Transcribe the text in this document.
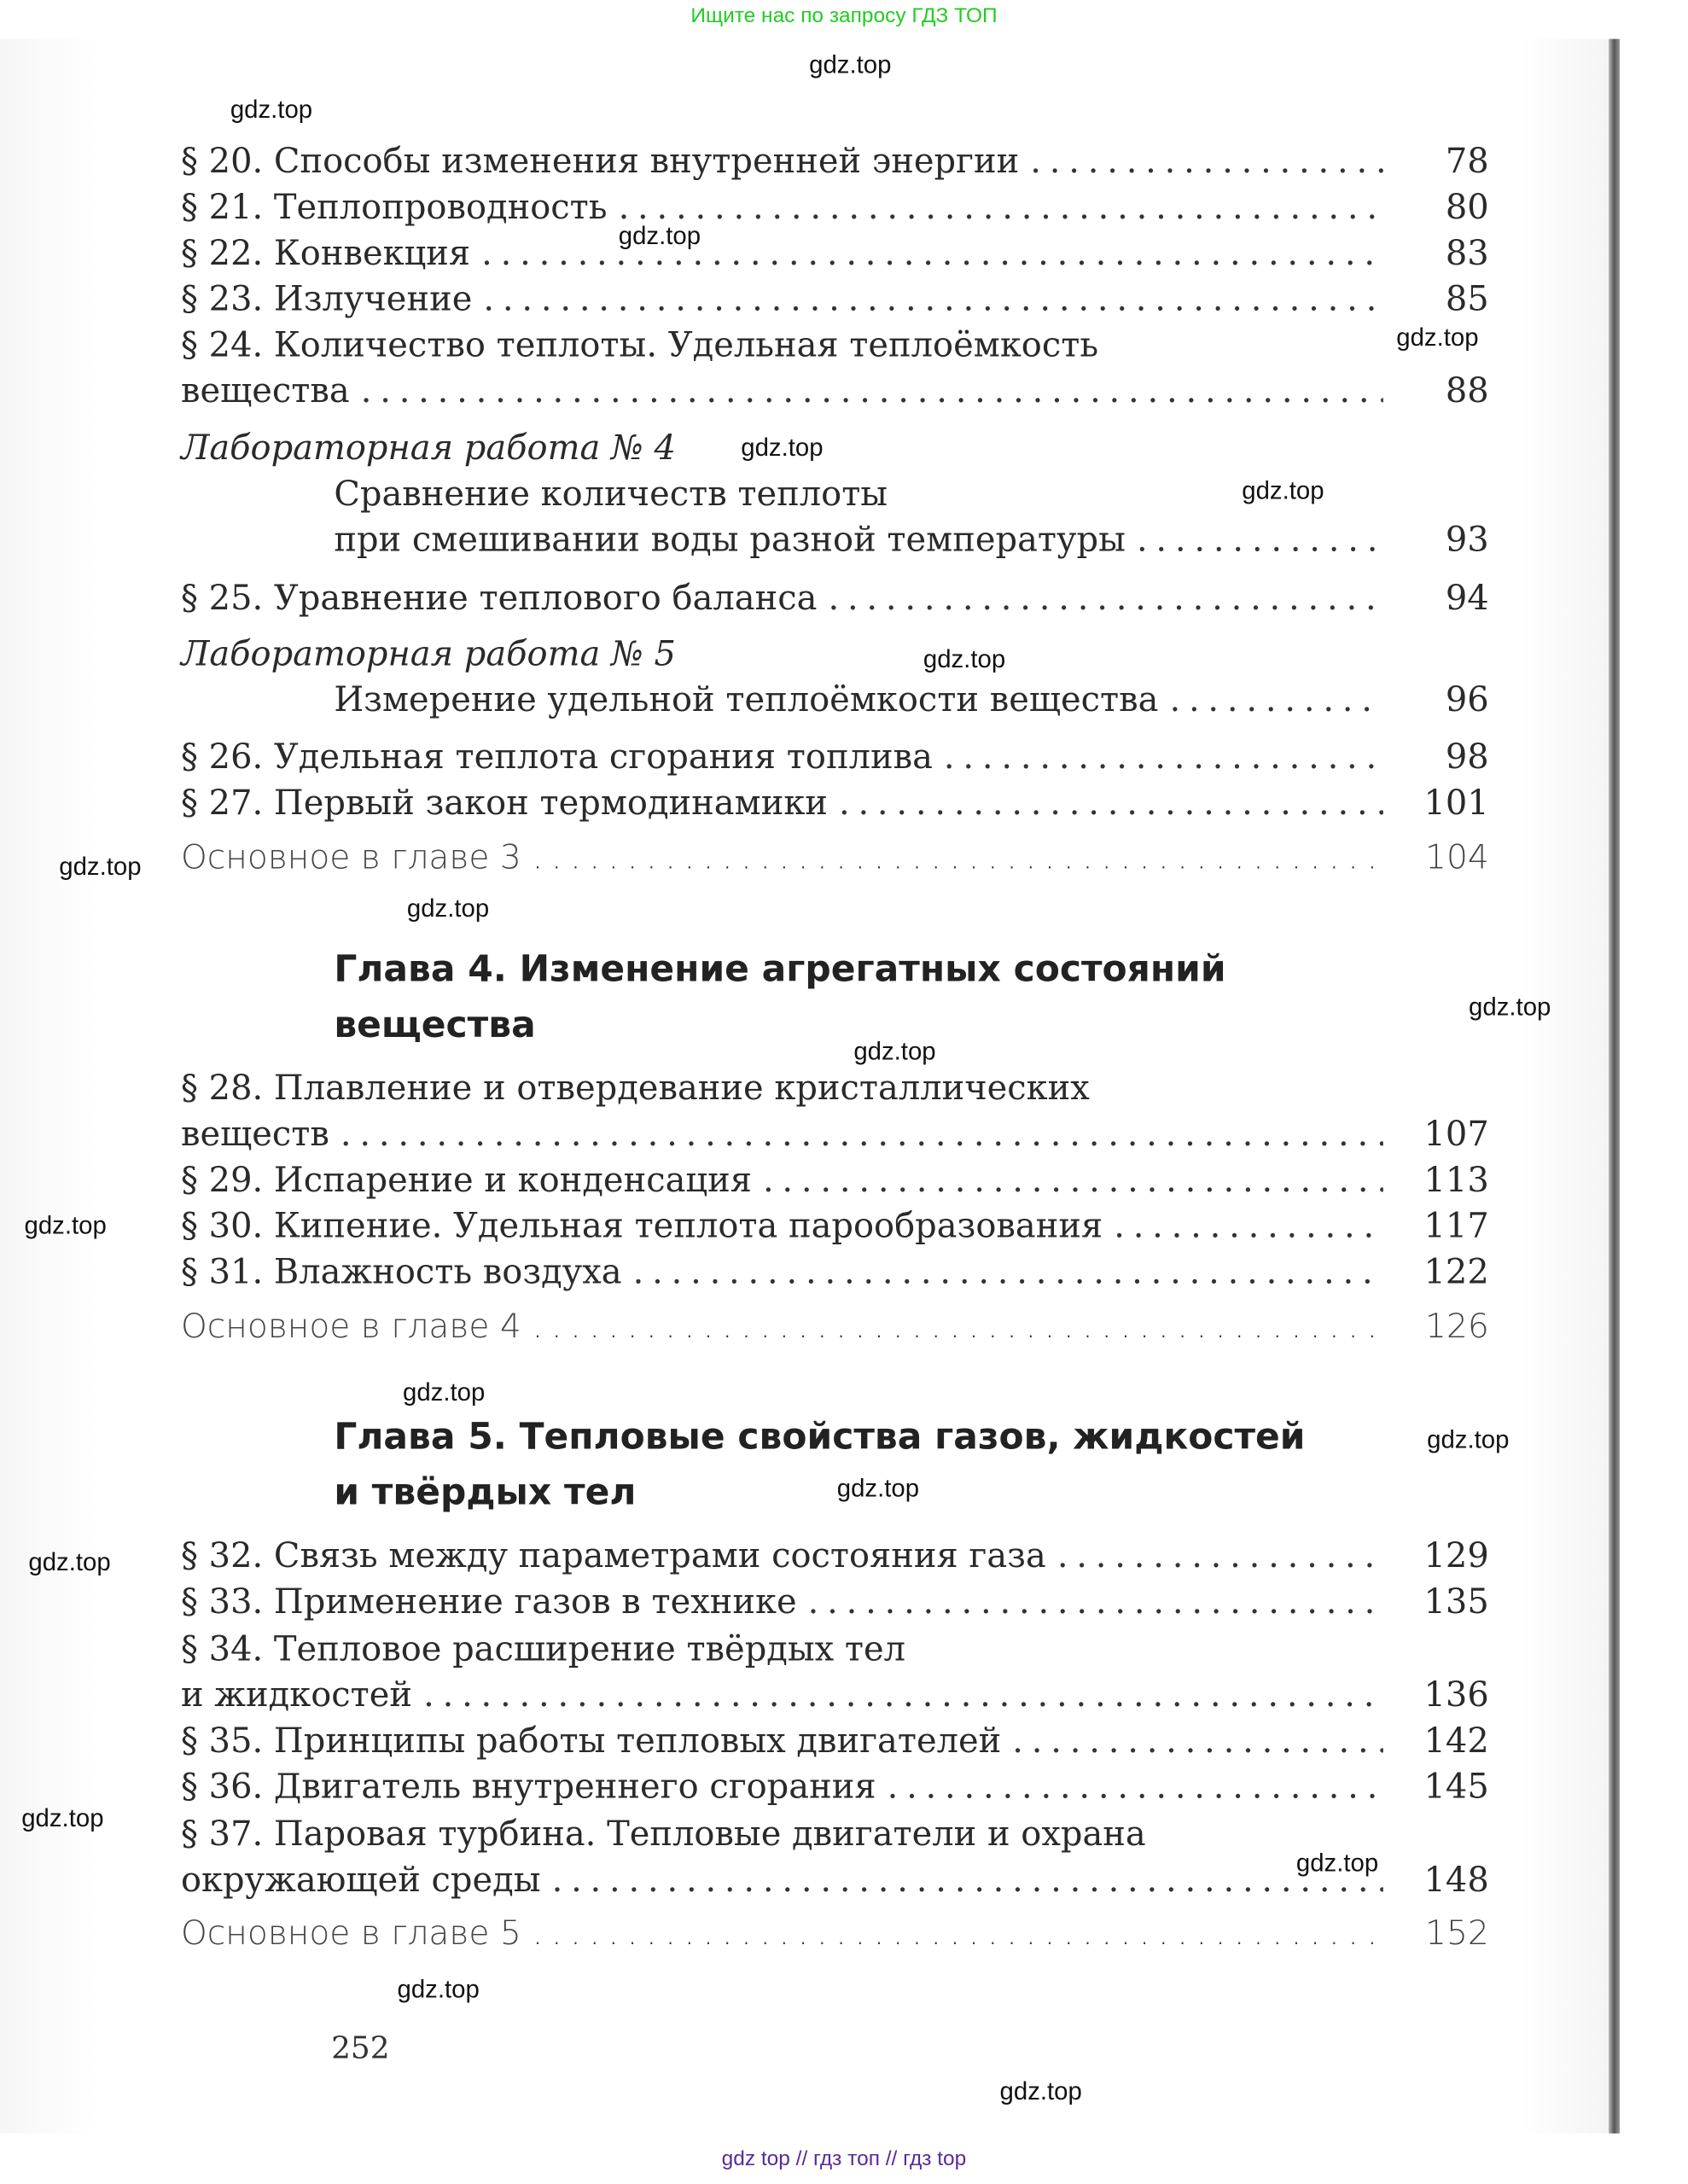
Ищите нас по запросу ГДЗ ТОП
§ 20. Способы изменения внутренней энергии .....	78
§ 21. Теплопроводность .....	80
§ 22. Конвекция .....	83
§ 23. Излучение .....	85
§ 24. Количество теплоты. Удельная теплоёмкость
вещества .....	88
Лабораторная работа № 4
Сравнение количеств теплоты
при смешивании воды разной температуры .....	93
§ 25. Уравнение теплового баланса .....	94
Лабораторная работа № 5
Измерение удельной теплоёмкости вещества .....	96
§ 26. Удельная теплота сгорания топлива .....	98
§ 27. Первый закон термодинамики .....	101
Основное в главе 3 .....	104
Глава 4. Изменение агрегатных состояний
вещества
§ 28. Плавление и отвердевание кристаллических
веществ .....	107
§ 29. Испарение и конденсация .....	113
§ 30. Кипение. Удельная теплота парообразования .....	117
§ 31. Влажность воздуха .....	122
Основное в главе 4 .....	126
Глава 5. Тепловые свойства газов, жидкостей
и твёрдых тел
§ 32. Связь между параметрами состояния газа .....	129
§ 33. Применение газов в технике .....	135
§ 34. Тепловое расширение твёрдых тел
и жидкостей .....	136
§ 35. Принципы работы тепловых двигателей .....	142
§ 36. Двигатель внутреннего сгорания .....	145
§ 37. Паровая турбина. Тепловые двигатели и охрана
окружающей среды .....	148
Основное в главе 5 .....	152
252
gdz.top
gdz.top
gdz.top
gdz.top
gdz.top
gdz.top
gdz.top
gdz.top
gdz.top
gdz.top
gdz.top
gdz.top
gdz.top
gdz.top
gdz.top
gdz.top
gdz.top
gdz.top
gdz.top
gdz.top
gdz top // гдз топ // гдз top
